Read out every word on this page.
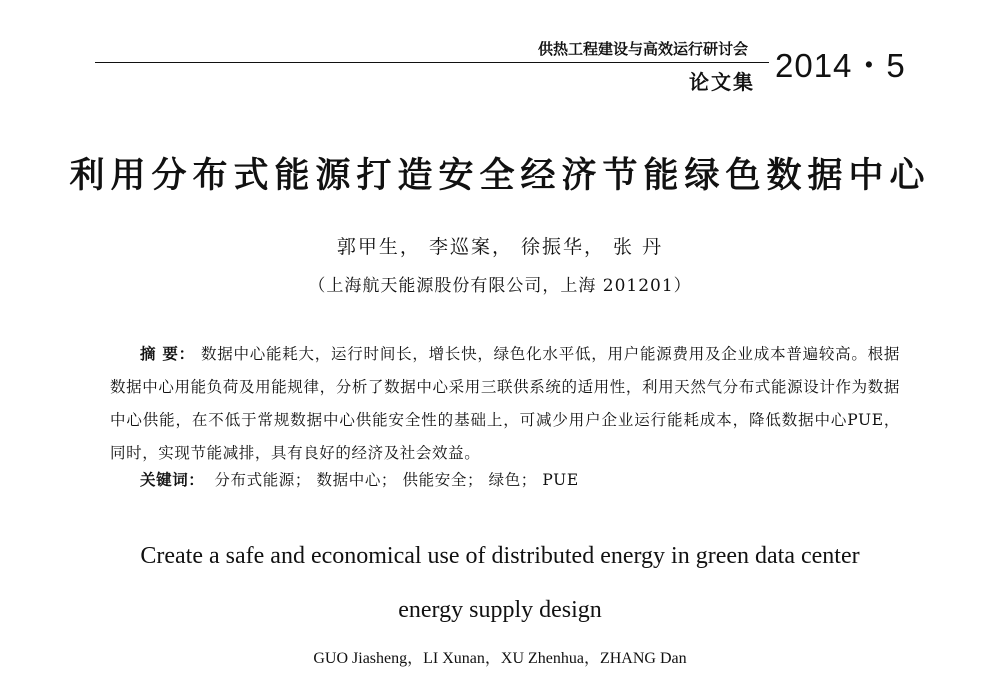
供热工程建设与高效运行研讨会
论文集 2014・5
利用分布式能源打造安全经济节能绿色数据中心
郭甲生， 李巡案， 徐振华， 张 丹
（上海航天能源股份有限公司，上海 201201）
摘 要： 数据中心能耗大，运行时间长，增长快，绿色化水平低，用户能源费用及企业成本普遍较高。根据数据中心用能负荷及用能规律，分析了数据中心采用三联供系统的适用性，利用天然气分布式能源设计作为数据中心供能，在不低于常规数据中心供能安全性的基础上，可减少用户企业运行能耗成本，降低数据中心PUE，同时，实现节能减排，具有良好的经济及社会效益。
关键词： 分布式能源； 数据中心； 供能安全； 绿色； PUE
Create a safe and economical use of distributed energy in green data center
energy supply design
GUO Jiasheng，LI Xunan，XU Zhenhua，ZHANG Dan
